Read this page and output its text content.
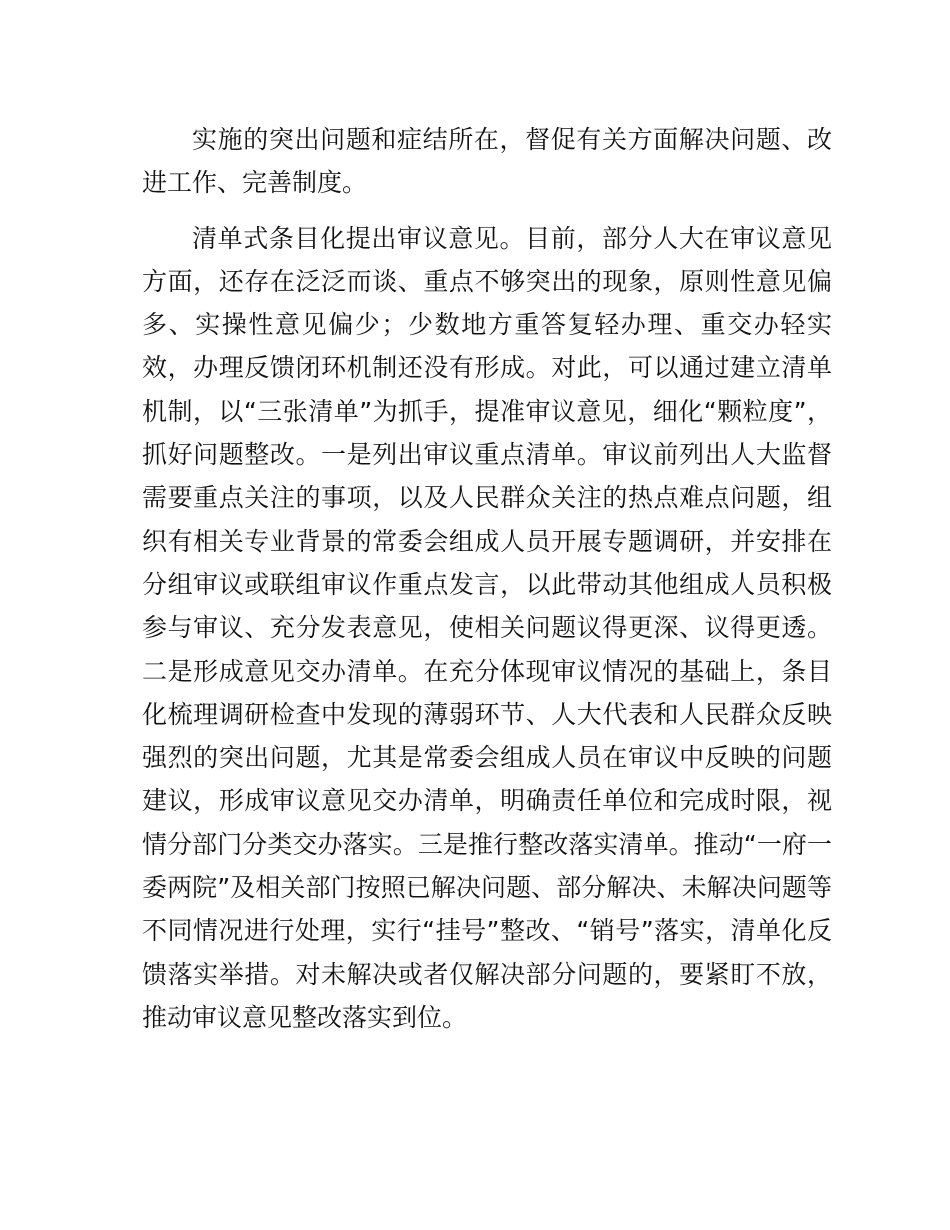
实施的突出问题和症结所在，督促有关方面解决问题、改进工作、完善制度。

清单式条目化提出审议意见。目前，部分人大在审议意见方面，还存在泛泛而谈、重点不够突出的现象，原则性意见偏多、实操性意见偏少；少数地方重答复轻办理、重交办轻实效，办理反馈闭环机制还没有形成。对此，可以通过建立清单机制，以“三张清单”为抓手，提准审议意见，细化“颗粒度”，抓好问题整改。一是列出审议重点清单。审议前列出人大监督需要重点关注的事项，以及人民群众关注的热点难点问题，组织有相关专业背景的常委会组成人员开展专题调研，并安排在分组审议或联组审议作重点发言，以此带动其他组成人员积极参与审议、充分发表意见，使相关问题议得更深、议得更透。二是形成意见交办清单。在充分体现审议情况的基础上，条目化梳理调研检查中发现的薄弱环节、人大代表和人民群众反映强烈的突出问题，尤其是常委会组成人员在审议中反映的问题建议，形成审议意见交办清单，明确责任单位和完成时限，视情分部门分类交办落实。三是推行整改落实清单。推动“一府一委两院”及相关部门按照已解决问题、部分解决、未解决问题等不同情况进行处理，实行“挂号”整改、“销号”落实，清单化反馈落实举措。对未解决或者仅解决部分问题的，要紧盯不放，推动审议意见整改落实到位。
